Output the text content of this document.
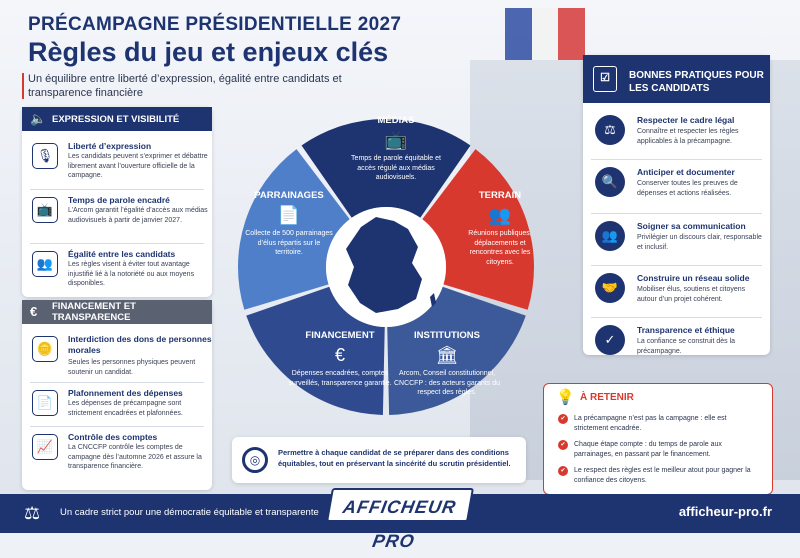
PRÉCAMPAGNE PRÉSIDENTIELLE 2027
Règles du jeu et enjeux clés
Un équilibre entre liberté d’expression, égalité entre candidats et transparence financière
🔈 EXPRESSION ET VISIBILITÉ
🎙
Liberté d’expression
Les candidats peuvent s’exprimer et débattre librement avant l’ouverture officielle de la campagne.
📺
Temps de parole encadré
L’Arcom garantit l’égalité d’accès aux médias audiovisuels à partir de janvier 2027.
👥
Égalité entre les candidats
Les règles visent à éviter tout avantage injustifié lié à la notoriété ou aux moyens disponibles.
€	FINANCEMENT ET TRANSPARENCE
🪙
Interdiction des dons de personnes morales
Seules les personnes physiques peuvent soutenir un candidat.
📄
Plafonnement des dépenses
Les dépenses de précampagne sont strictement encadrées et plafonnées.
📈
Contrôle des comptes
La CNCCFP contrôle les comptes de campagne dès l’automne 2026 et assure la transparence financière.
MÉDIAS
📺
Temps de parole équitable et accès régulé aux médias audiovisuels.
TERRAIN
👥
Réunions publiques, déplacements et rencontres avec les citoyens.
INSTITUTIONS
🏛
Arcom, Conseil constitutionnel, CNCCFP : des acteurs garants du respect des règles.
FINANCEMENT
€
Dépenses encadrées, comptes surveillés, transparence garantie.
PARRAINAGES
📄
Collecte de 500 parrainages d’élus répartis sur le territoire.
☑	BONNES PRATIQUES POUR LES CANDIDATS
⚖
Respecter le cadre légal
Connaître et respecter les règles applicables à la précampagne.
🔍
Anticiper et documenter
Conserver toutes les preuves de dépenses et actions réalisées.
👥
Soigner sa communication
Privilégier un discours clair, responsable et inclusif.
🤝
Construire un réseau solide
Mobiliser élus, soutiens et citoyens autour d’un projet cohérent.
✓
Transparence et éthique
La confiance se construit dès la précampagne.
💡 À RETENIR
✔ La précampagne n’est pas la campagne : elle est strictement encadrée.
✔ Chaque étape compte : du temps de parole aux parrainages, en passant par le financement.
✔ Le respect des règles est le meilleur atout pour gagner la confiance des citoyens.
◎
Permettre à chaque candidat de se préparer dans des conditions équitables, tout en préservant la sincérité du scrutin présidentiel.
⚖ Un cadre strict pour une démocratie équitable et transparente	AFFICHEUR PRO
afficheur-pro.fr
